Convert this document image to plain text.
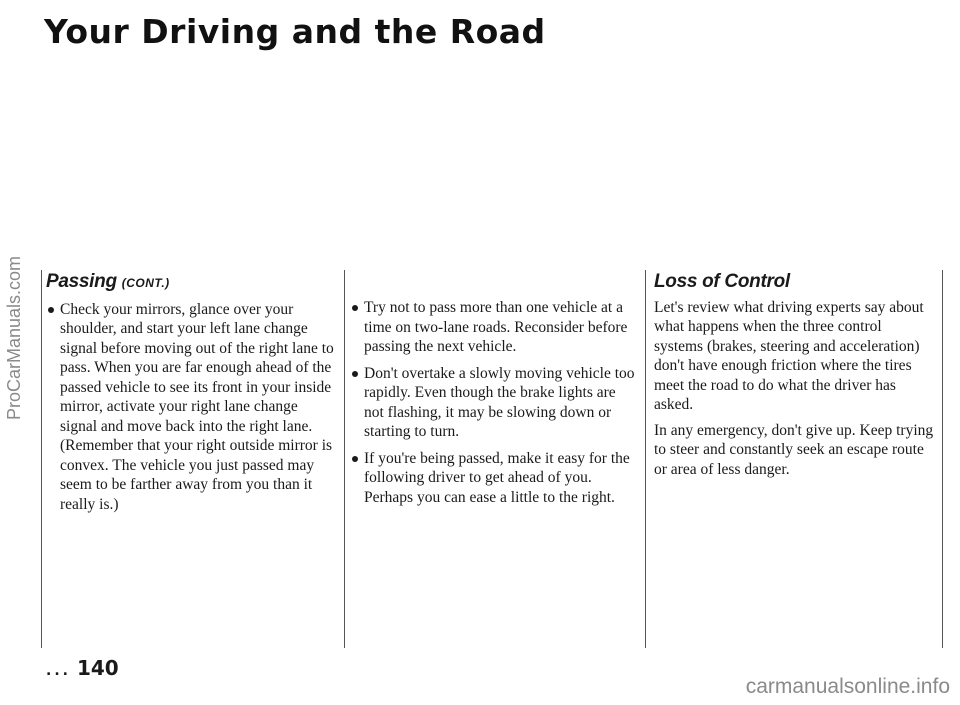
Your Driving and the Road
ProCarManuals.com Passing (CONT.)
Check your mirrors, glance over your shoulder, and start your left lane change signal before moving out of the right lane to pass. When you are far enough ahead of the passed vehicle to see its front in your inside mirror, activate your right lane change signal and move back into the right lane. (Remember that your right outside mirror is convex. The vehicle you just passed may seem to be farther away from you than it really is.)
Try not to pass more than one vehicle at a time on two-lane roads. Reconsider before passing the next vehicle.
Don't overtake a slowly moving vehicle too rapidly. Even though the brake lights are not flashing, it may be slowing down or starting to turn.
If you're being passed, make it easy for the following driver to get ahead of you. Perhaps you can ease a little to the right.
Loss of Control

Let's review what driving experts say about what happens when the three control systems (brakes, steering and acceleration) don't have enough friction where the tires meet the road to do what the driver has asked.

In any emergency, don't give up. Keep trying to steer and constantly seek an escape route or area of less danger.

... 140
carmanualsonline.info
